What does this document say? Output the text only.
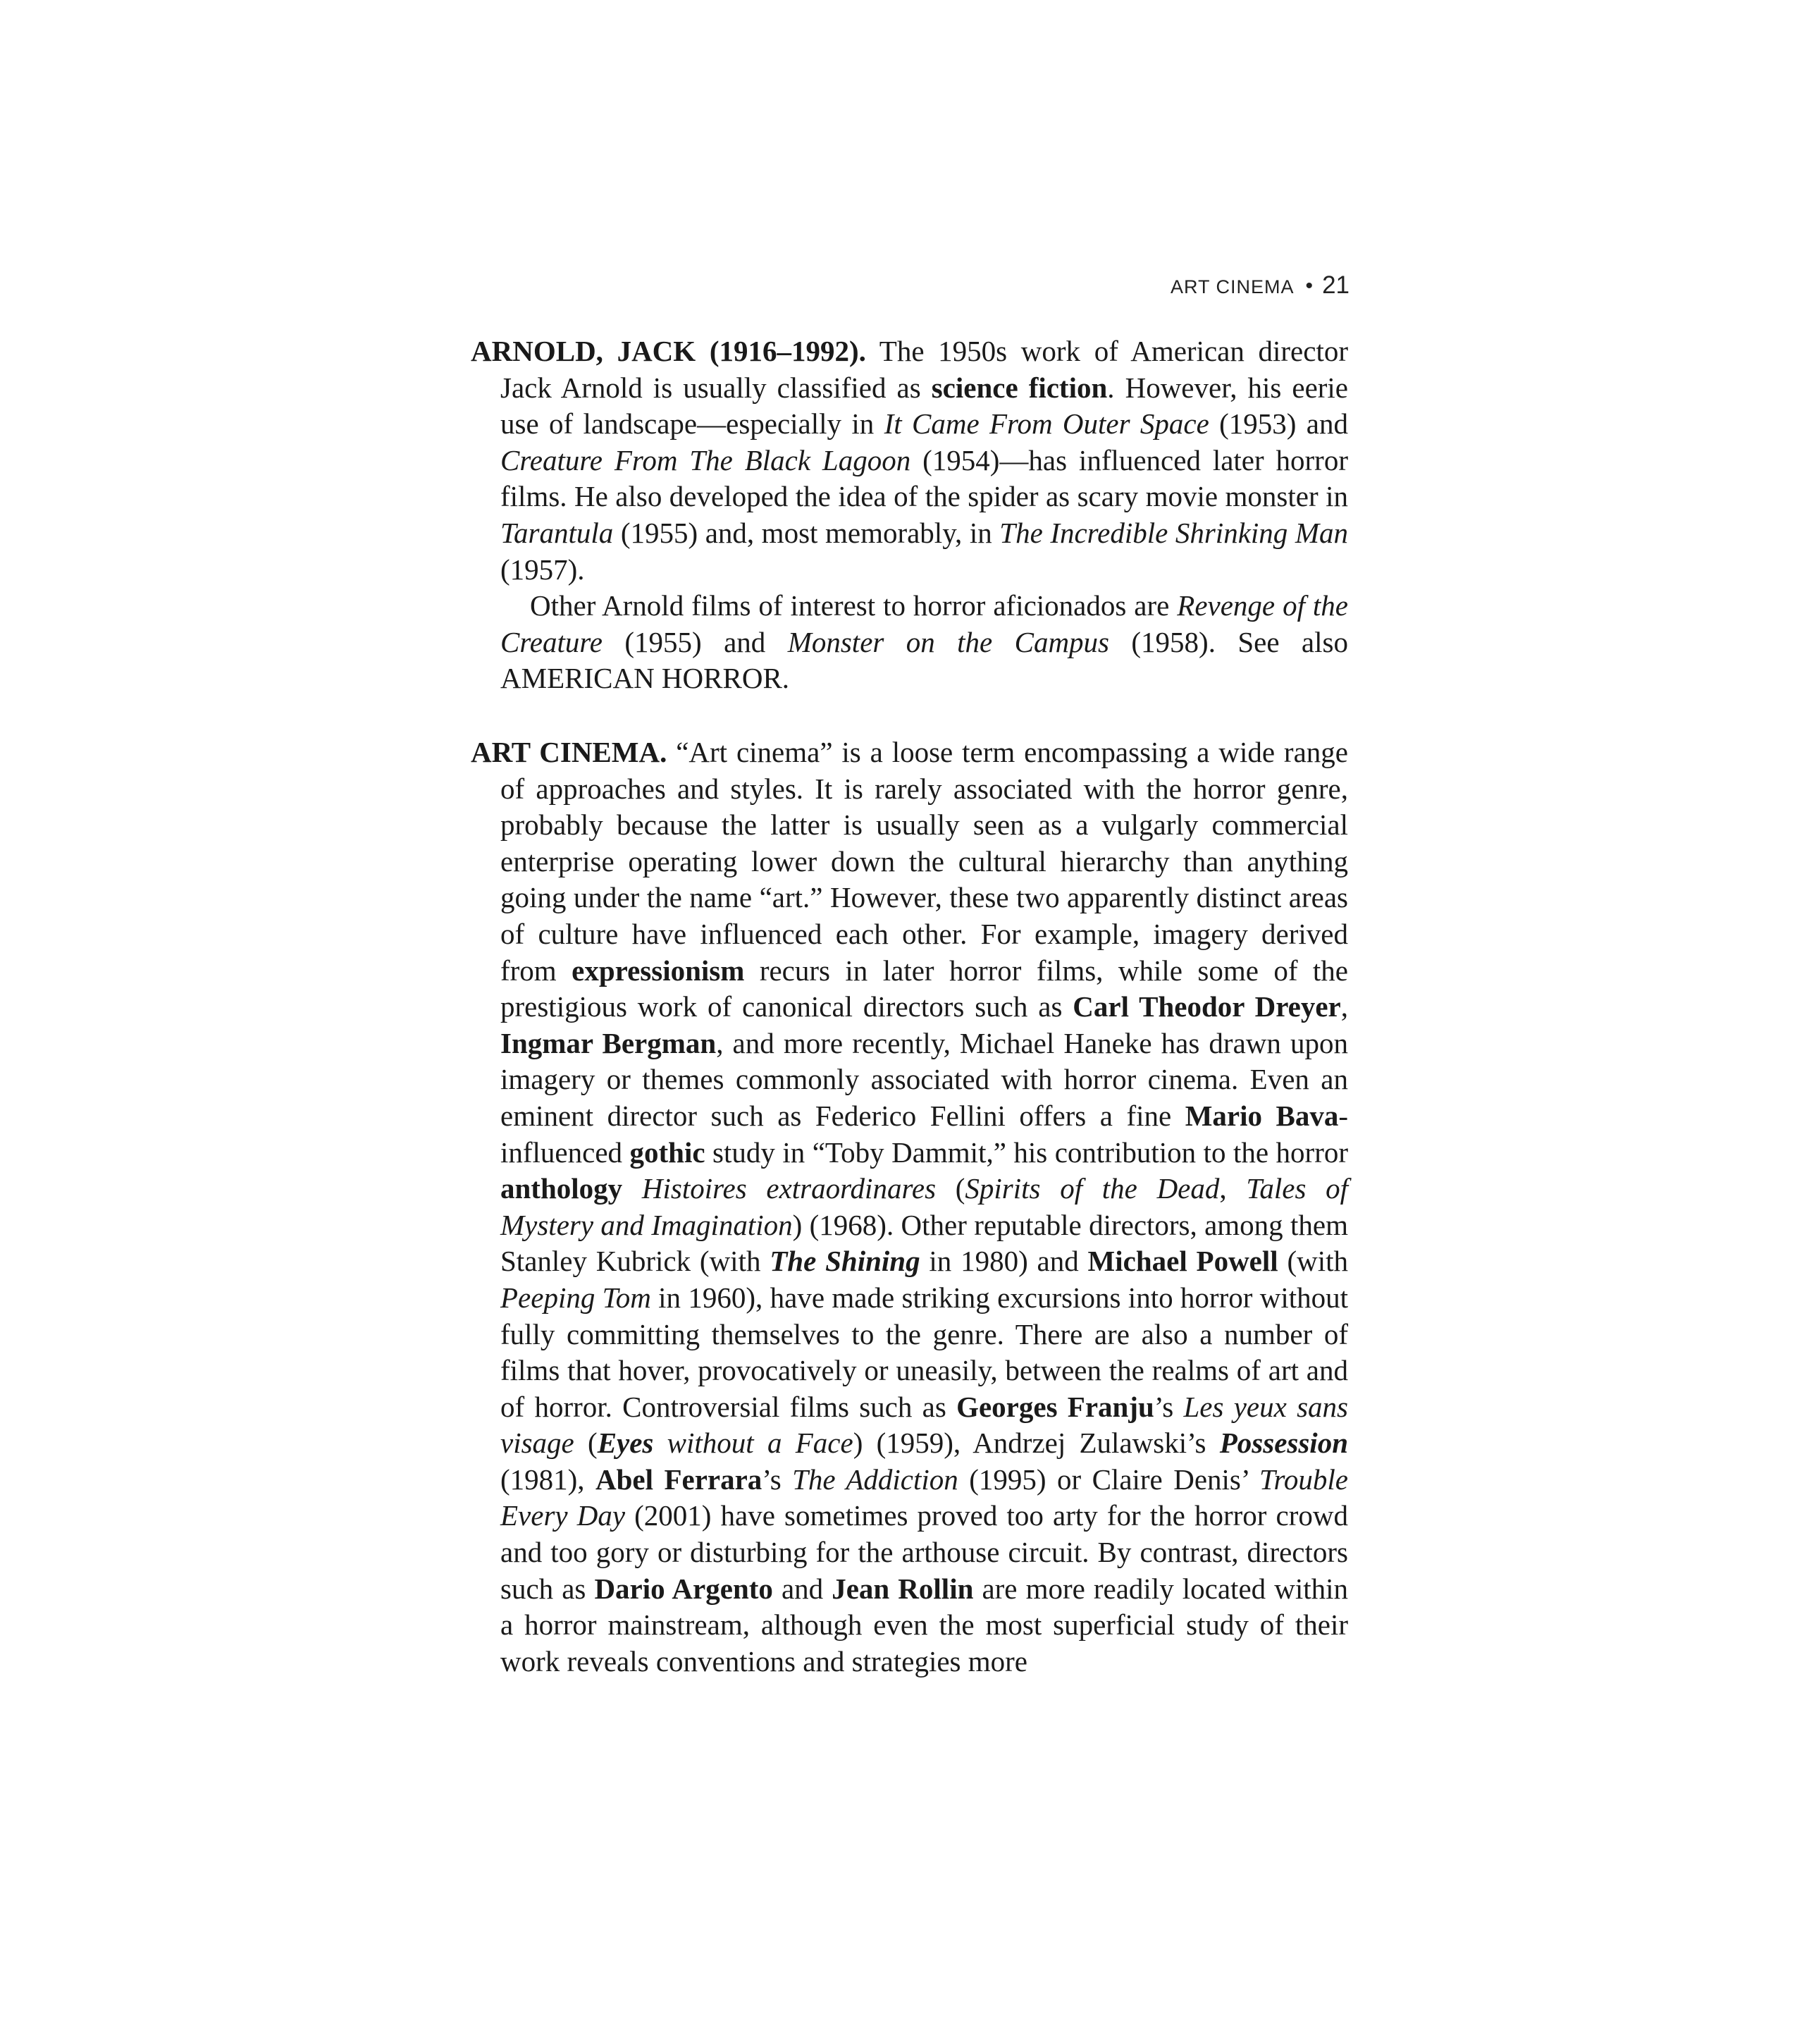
ART CINEMA • 21

ARNOLD, JACK (1916–1992). The 1950s work of American director Jack Arnold is usually classified as science fiction. However, his eerie use of landscape—especially in It Came From Outer Space (1953) and Creature From The Black Lagoon (1954)—has influenced later horror films. He also developed the idea of the spider as scary movie monster in Tarantula (1955) and, most memorably, in The Incredible Shrinking Man (1957).

Other Arnold films of interest to horror aficionados are Revenge of the Creature (1955) and Monster on the Campus (1958). See also AMERICAN HORROR.

ART CINEMA. “Art cinema” is a loose term encompassing a wide range of approaches and styles. It is rarely associated with the horror genre, probably because the latter is usually seen as a vulgarly commercial enterprise operating lower down the cultural hierarchy than anything going under the name “art.” However, these two apparently distinct areas of culture have influenced each other. For example, imagery derived from expressionism recurs in later horror films, while some of the prestigious work of canonical directors such as Carl Theodor Dreyer, Ingmar Bergman, and more recently, Michael Haneke has drawn upon imagery or themes commonly associated with horror cinema. Even an eminent director such as Federico Fellini offers a fine Mario Bava-influenced gothic study in “Toby Dammit,” his contribution to the horror anthology Histoires extraordinares (Spirits of the Dead, Tales of Mystery and Imagination) (1968). Other reputable directors, among them Stanley Kubrick (with The Shining in 1980) and Michael Powell (with Peeping Tom in 1960), have made striking excursions into horror without fully committing themselves to the genre. There are also a number of films that hover, provocatively or uneasily, between the realms of art and of horror. Controversial films such as Georges Franju’s Les yeux sans visage (Eyes without a Face) (1959), Andrzej Zulawski’s Possession (1981), Abel Ferrara’s The Addiction (1995) or Claire Denis’ Trouble Every Day (2001) have sometimes proved too arty for the horror crowd and too gory or disturbing for the arthouse circuit. By contrast, directors such as Dario Argento and Jean Rollin are more readily located within a horror mainstream, although even the most superficial study of their work reveals conventions and strategies more
